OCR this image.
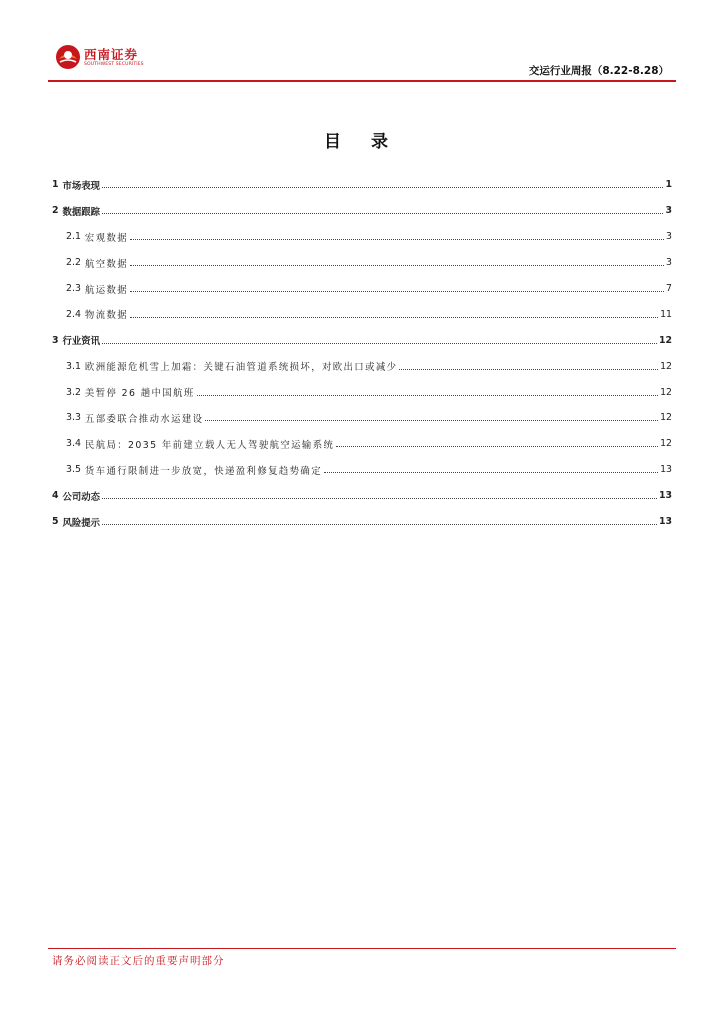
西南证券
SOUTHWEST SECURITIES
交运行业周报（8.22-8.28）
目 录
1 市场表现	1
2 数据跟踪	3
2.1 宏观数据	3
2.2 航空数据	3
2.3 航运数据	7
2.4 物流数据	11
3 行业资讯	12
3.1 欧洲能源危机雪上加霜：关键石油管道系统损坏，对欧出口或减少	12
3.2 美暂停 26 趟中国航班	12
3.3 五部委联合推动水运建设	12
3.4 民航局：2035 年前建立载人无人驾驶航空运输系统	12
3.5 货车通行限制进一步放宽，快递盈利修复趋势确定	13
4 公司动态	13
5 风险提示	13
请务必阅读正文后的重要声明部分
